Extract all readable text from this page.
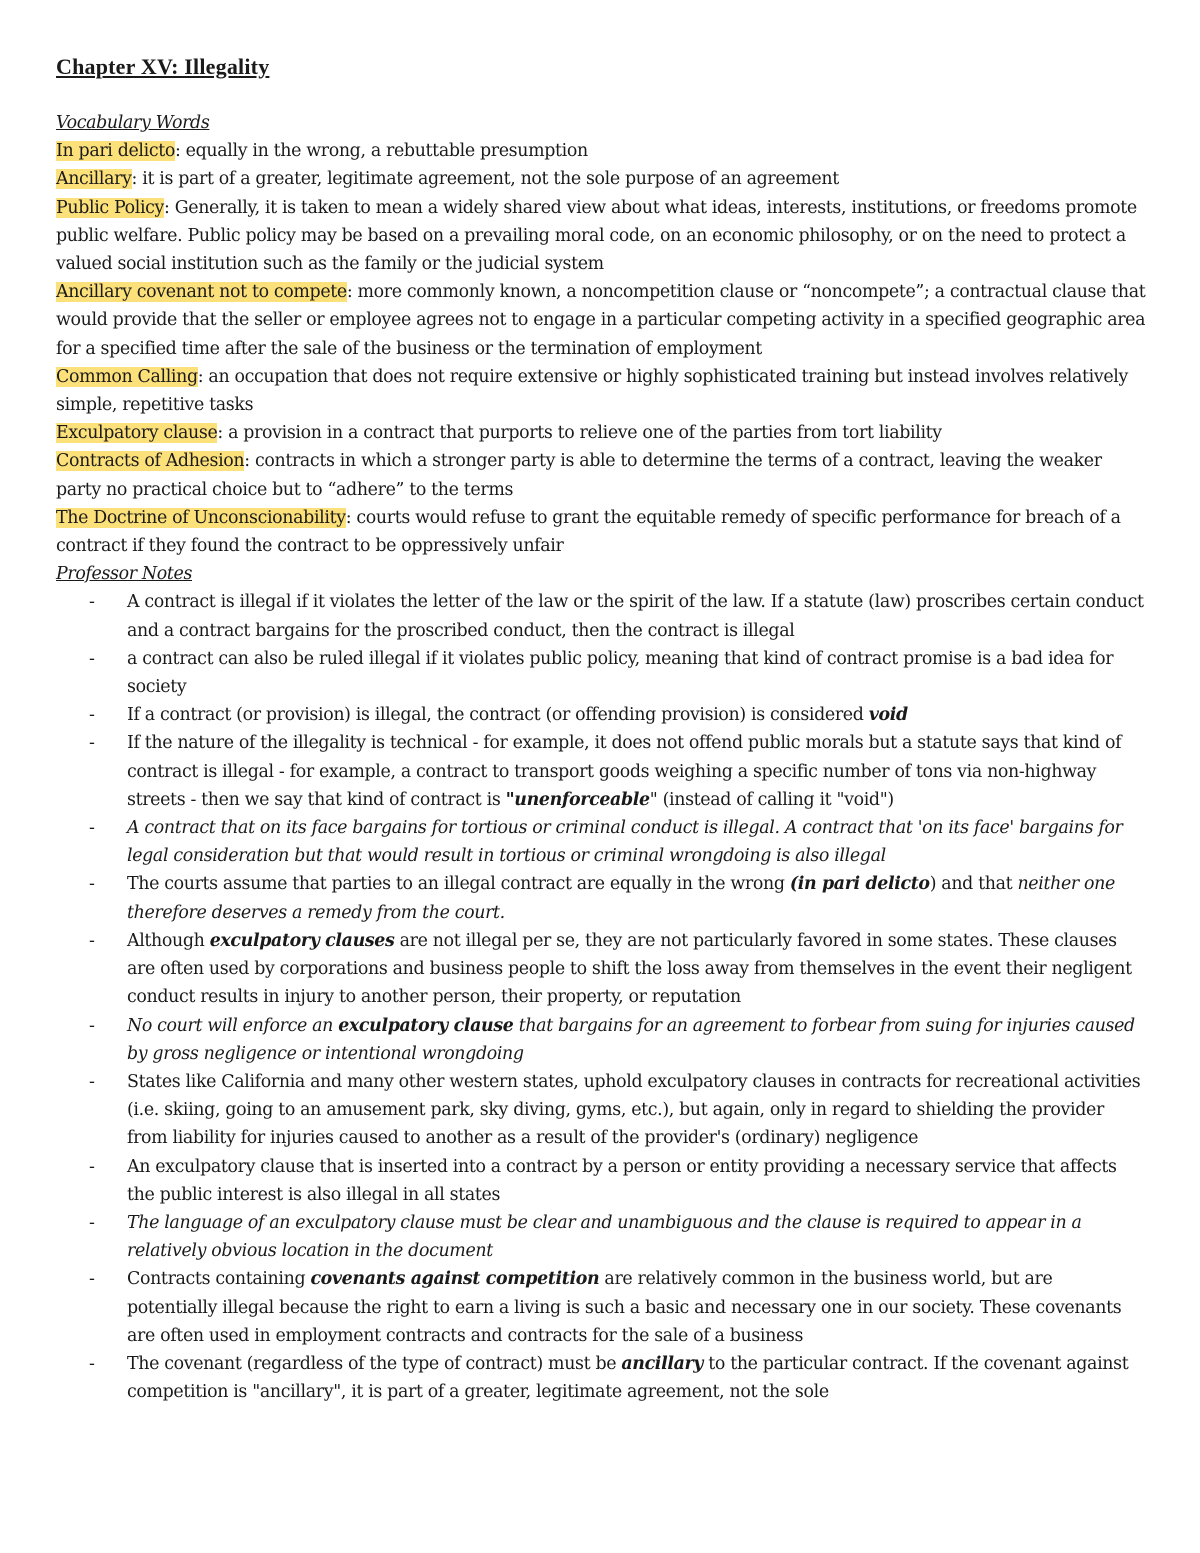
Chapter XV: Illegality

Vocabulary Words

In pari delicto: equally in the wrong, a rebuttable presumption

Ancillary: it is part of a greater, legitimate agreement, not the sole purpose of an agreement

Public Policy: Generally, it is taken to mean a widely shared view about what ideas, interests, institutions, or freedoms promote public welfare. Public policy may be based on a prevailing moral code, on an economic philosophy, or on the need to protect a valued social institution such as the family or the judicial system

Ancillary covenant not to compete: more commonly known, a noncompetition clause or “noncompete”; a contractual clause that would provide that the seller or employee agrees not to engage in a particular competing activity in a specified geographic area for a specified time after the sale of the business or the termination of employment

Common Calling: an occupation that does not require extensive or highly sophisticated training but instead involves relatively simple, repetitive tasks

Exculpatory clause: a provision in a contract that purports to relieve one of the parties from tort liability

Contracts of Adhesion: contracts in which a stronger party is able to determine the terms of a contract, leaving the weaker party no practical choice but to “adhere” to the terms

The Doctrine of Unconscionability: courts would refuse to grant the equitable remedy of specific performance for breach of a contract if they found the contract to be oppressively unfair

Professor Notes

- A contract is illegal if it violates the letter of the law or the spirit of the law. If a statute (law) proscribes certain conduct and a contract bargains for the proscribed conduct, then the contract is illegal
- a contract can also be ruled illegal if it violates public policy, meaning that kind of contract promise is a bad idea for society
- If a contract (or provision) is illegal, the contract (or offending provision) is considered void
- If the nature of the illegality is technical - for example, it does not offend public morals but a statute says that kind of contract is illegal - for example, a contract to transport goods weighing a specific number of tons via non-highway streets - then we say that kind of contract is "unenforceable" (instead of calling it "void")
- A contract that on its face bargains for tortious or criminal conduct is illegal. A contract that 'on its face' bargains for legal consideration but that would result in tortious or criminal wrongdoing is also illegal
- The courts assume that parties to an illegal contract are equally in the wrong (in pari delicto) and that neither one therefore deserves a remedy from the court.
- Although exculpatory clauses are not illegal per se, they are not particularly favored in some states. These clauses are often used by corporations and business people to shift the loss away from themselves in the event their negligent conduct results in injury to another person, their property, or reputation
- No court will enforce an exculpatory clause that bargains for an agreement to forbear from suing for injuries caused by gross negligence or intentional wrongdoing
- States like California and many other western states, uphold exculpatory clauses in contracts for recreational activities (i.e. skiing, going to an amusement park, sky diving, gyms, etc.), but again, only in regard to shielding the provider from liability for injuries caused to another as a result of the provider's (ordinary) negligence
- An exculpatory clause that is inserted into a contract by a person or entity providing a necessary service that affects the public interest is also illegal in all states
- The language of an exculpatory clause must be clear and unambiguous and the clause is required to appear in a relatively obvious location in the document
- Contracts containing covenants against competition are relatively common in the business world, but are potentially illegal because the right to earn a living is such a basic and necessary one in our society. These covenants are often used in employment contracts and contracts for the sale of a business
- The covenant (regardless of the type of contract) must be ancillary to the particular contract. If the covenant against competition is "ancillary", it is part of a greater, legitimate agreement, not the sole
